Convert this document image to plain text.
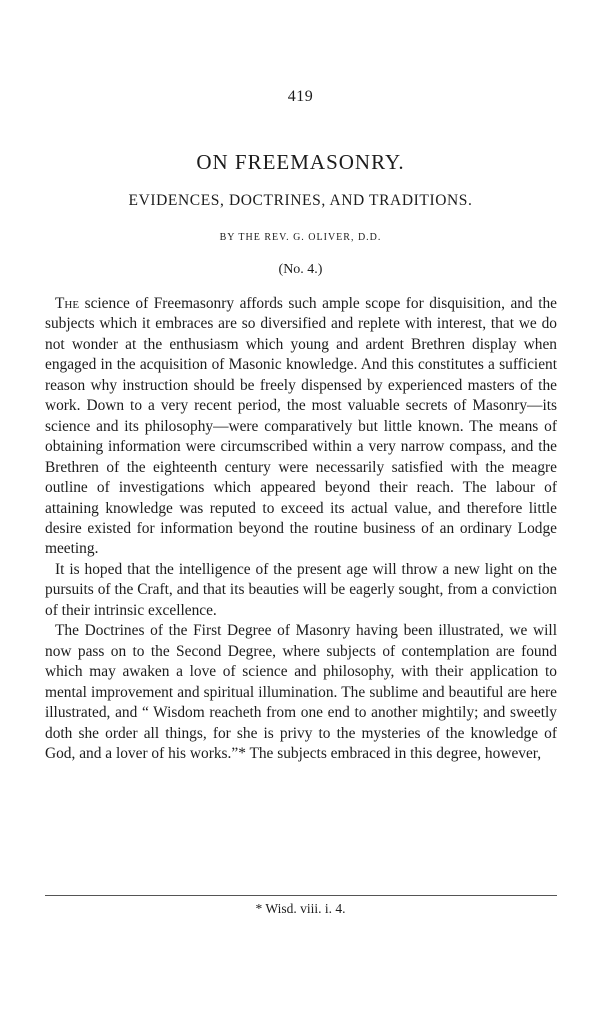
419
ON FREEMASONRY.
EVIDENCES, DOCTRINES, AND TRADITIONS.
BY THE REV. G. OLIVER, D.D.
(No. 4.)

The science of Freemasonry affords such ample scope for disquisition, and the subjects which it embraces are so diversified and replete with interest, that we do not wonder at the enthusiasm which young and ardent Brethren display when engaged in the acquisition of Masonic knowledge. And this constitutes a sufficient reason why instruction should be freely dispensed by experienced masters of the work. Down to a very recent period, the most valuable secrets of Masonry—its science and its philosophy—were comparatively but little known. The means of obtaining information were circumscribed within a very narrow compass, and the Brethren of the eighteenth century were necessarily satisfied with the meagre outline of investigations which appeared beyond their reach. The labour of attaining knowledge was reputed to exceed its actual value, and therefore little desire existed for information beyond the routine business of an ordinary Lodge meeting.

It is hoped that the intelligence of the present age will throw a new light on the pursuits of the Craft, and that its beauties will be eagerly sought, from a conviction of their intrinsic excellence.

The Doctrines of the First Degree of Masonry having been illustrated, we will now pass on to the Second Degree, where subjects of contemplation are found which may awaken a love of science and philosophy, with their application to mental improvement and spiritual illumination. The sublime and beautiful are here illustrated, and “ Wisdom reacheth from one end to another mightily; and sweetly doth she order all things, for she is privy to the mysteries of the knowledge of God, and a lover of his works.”* The subjects embraced in this degree, however,

* Wisd. viii. i. 4.
